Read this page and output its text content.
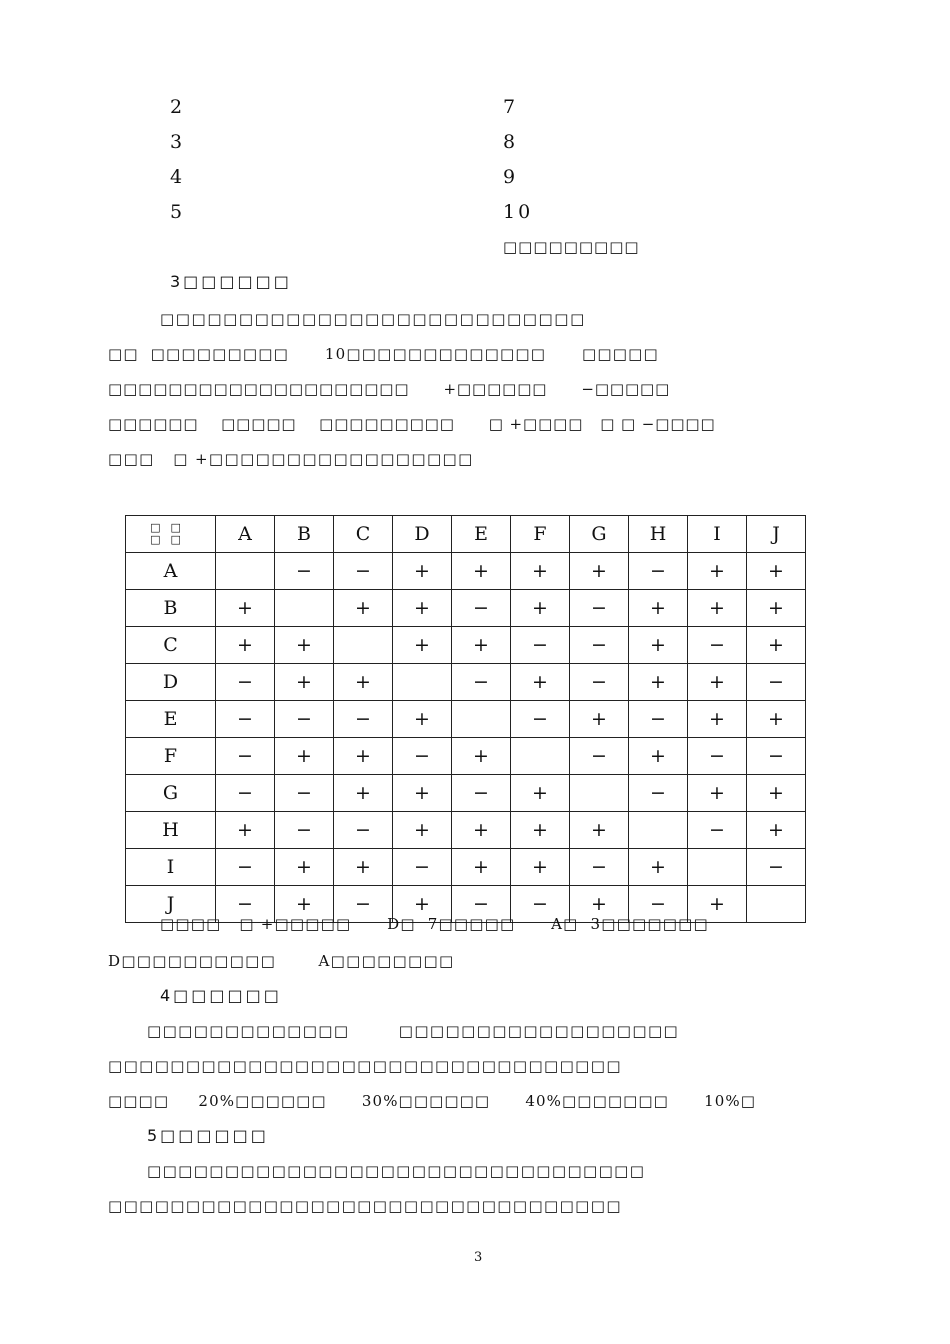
2
3
4
5
7
8
9
10
□□□□□□□□□
3□□□□□□
□□□□□□□□□□□□□□□□□□□□□□□□□□□
□□  □□□□□□□□□      10□□□□□□□□□□□□□      □□□□□
□□□□□□□□□□□□□□□□□□□□      +□□□□□□      −□□□□□
□□□□□□    □□□□□    □□□□□□□□□      □ +□□□□   □ □ −□□□□
□□□   □ +□□□□□□□□□□□□□□□□□
□□
□□	A	B	C	D	E	F	G	H	I	J
A		−	−	+	+	+	+	−	+	+
B	+		+	+	−	+	−	+	+	+
C	+	+		+	+	−	−	+	−	+
D	−	+	+		−	+	−	+	+	−
E	−	−	−	+		−	+	−	+	+
F	−	+	+	−	+		−	+	−	−
G	−	−	+	+	−	+		−	+	+
H	+	−	−	+	+	+	+		−	+
I	−	+	+	−	+	+	−	+		−
J	−	+	−	+	−	−	+	−	+	
□□□□   □ +□□□□□      D□  7□□□□□      A□  3□□□□□□□
D□□□□□□□□□□       A□□□□□□□□
4□□□□□□
□□□□□□□□□□□□□        □□□□□□□□□□□□□□□□□□
□□□□□□□□□□□□□□□□□□□□□□□□□□□□□□□□□
□□□□     20%□□□□□□      30%□□□□□□      40%□□□□□□□      10%□
5□□□□□□
□□□□□□□□□□□□□□□□□□□□□□□□□□□□□□□□
□□□□□□□□□□□□□□□□□□□□□□□□□□□□□□□□□
3
